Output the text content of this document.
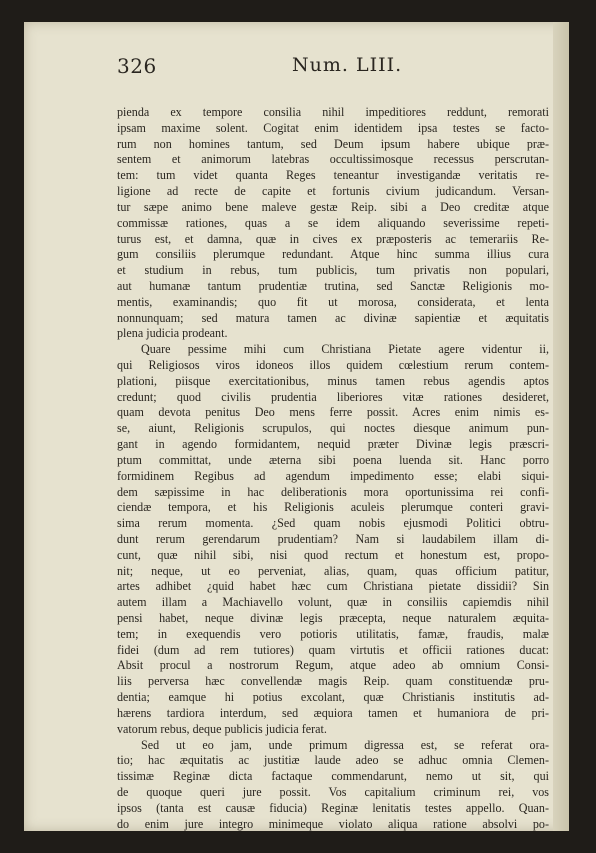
326	Num. LIII.
pienda ex tempore consilia nihil impeditiores reddunt, remorati
ipsam maxime solent. Cogitat enim identidem ipsa testes se facto-
rum non homines tantum, sed Deum ipsum habere ubique præ-
sentem et animorum latebras occultissimosque recessus perscrutan-
tem: tum videt quanta Reges teneantur investigandæ veritatis re-
ligione ad recte de capite et fortunis civium judicandum. Versan-
tur sæpe animo bene maleve gestæ Reip. sibi a Deo creditæ atque
commissæ rationes, quas a se idem aliquando severissime repeti-
turus est, et damna, quæ in cives ex præposteris ac temerariis Re-
gum consiliis plerumque redundant. Atque hinc summa illius cura
et studium in rebus, tum publicis, tum privatis non populari,
aut humanæ tantum prudentiæ trutina, sed Sanctæ Religionis mo-
mentis, examinandis; quo fit ut morosa, considerata, et lenta
nonnunquam; sed matura tamen ac divinæ sapientiæ et æquitatis
plena judicia prodeant.
Quare pessime mihi cum Christiana Pietate agere videntur ii,
qui Religiosos viros idoneos illos quidem cœlestium rerum contem-
plationi, piisque exercitationibus, minus tamen rebus agendis aptos
credunt; quod civilis prudentia liberiores vitæ rationes desideret,
quam devota penitus Deo mens ferre possit. Acres enim nimis es-
se, aiunt, Religionis scrupulos, qui noctes diesque animum pun-
gant in agendo formidantem, nequid præter Divinæ legis præscri-
ptum committat, unde æterna sibi poena luenda sit. Hanc porro
formidinem Regibus ad agendum impedimento esse; elabi siqui-
dem sæpissime in hac deliberationis mora oportunissima rei confi-
ciendæ tempora, et his Religionis aculeis plerumque conteri gravi-
sima rerum momenta. ¿Sed quam nobis ejusmodi Politici obtru-
dunt rerum gerendarum prudentiam? Nam si laudabilem illam di-
cunt, quæ nihil sibi, nisi quod rectum et honestum est, propo-
nit; neque, ut eo perveniat, alias, quam, quas officium patitur,
artes adhibet ¿quid habet hæc cum Christiana pietate dissidii? Sin
autem illam a Machiavello volunt, quæ in consiliis capiemdis nihil
pensi habet, neque divinæ legis præcepta, neque naturalem æquita-
tem; in exequendis vero potioris utilitatis, famæ, fraudis, malæ
fidei (dum ad rem tutiores) quam virtutis et officii rationes ducat:
Absit procul a nostrorum Regum, atque adeo ab omnium Consi-
liis perversa hæc convellendæ magis Reip. quam constituendæ pru-
dentia; eamque hi potius excolant, quæ Christianis institutis ad-
hærens tardiora interdum, sed æquiora tamen et humaniora de pri-
vatorum rebus, deque publicis judicia ferat.
Sed ut eo jam, unde primum digressa est, se referat ora-
tio; hac æquitatis ac justitiæ laude adeo se adhuc omnia Clemen-
tissimæ Reginæ dicta factaque commendarunt, nemo ut sit, qui
de quoque queri jure possit. Vos capitalium criminum rei, vos
ipsos (tanta est causæ fiducia) Reginæ lenitatis testes appello. Quan-
do enim jure integro minimeque violato aliqua ratione absolvi po-
